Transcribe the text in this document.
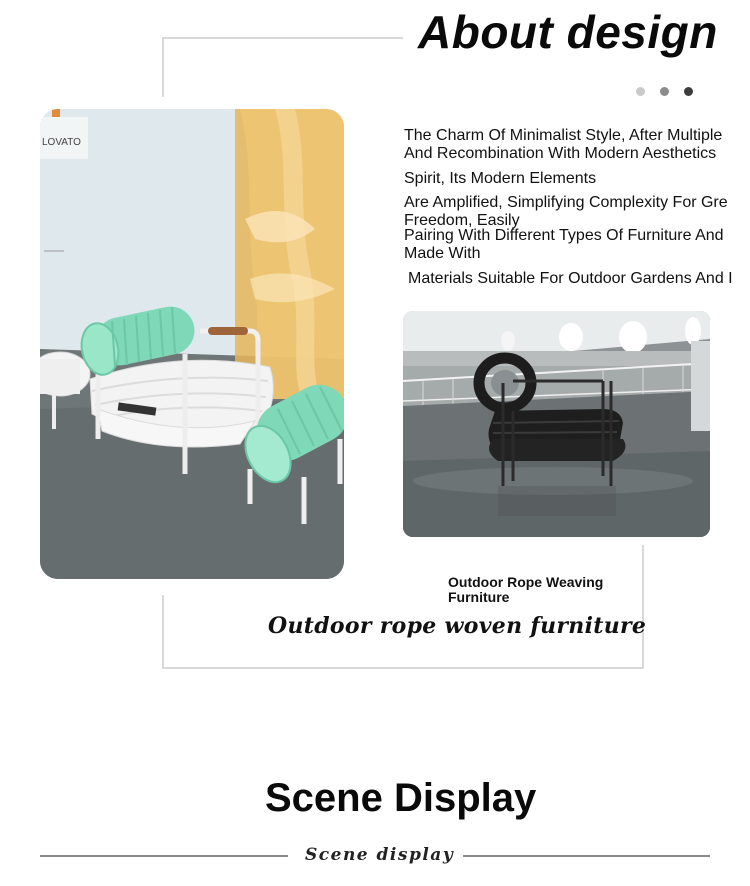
About design
LOVATO	The Charm Of Minimalist Style, After Multiple
And Recombination With Modern Aesthetics
Spirit, Its Modern Elements
Are Amplified, Simplifying Complexity For Gre
Freedom, Easily
Pairing With Different Types Of Furniture And
Made With
Materials Suitable For Outdoor Gardens And I
Outdoor Rope Weaving Furniture
Outdoor rope woven furniture
Scene Display
Scene display
